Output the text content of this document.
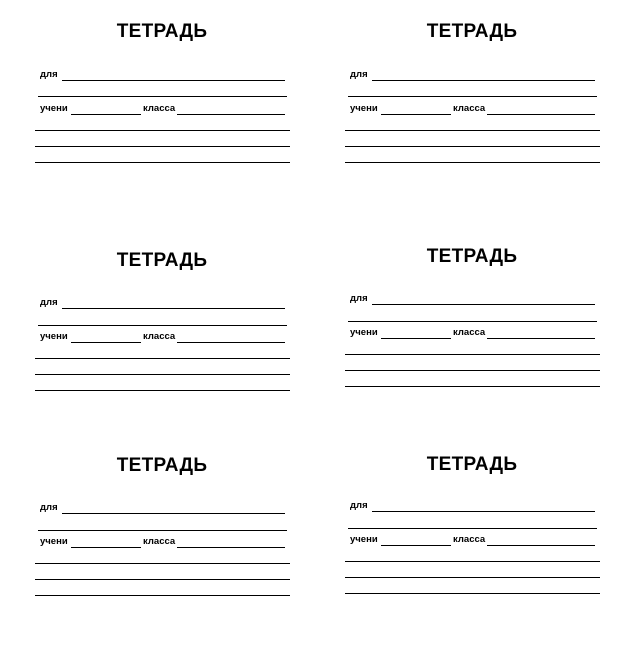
ТЕТРАДЬ
для
учени	класса
ТЕТРАДЬ
для
учени	класса
ТЕТРАДЬ
для
учени	класса
ТЕТРАДЬ
для
учени	класса
ТЕТРАДЬ
для
учени	класса
ТЕТРАДЬ
для
учени	класса
